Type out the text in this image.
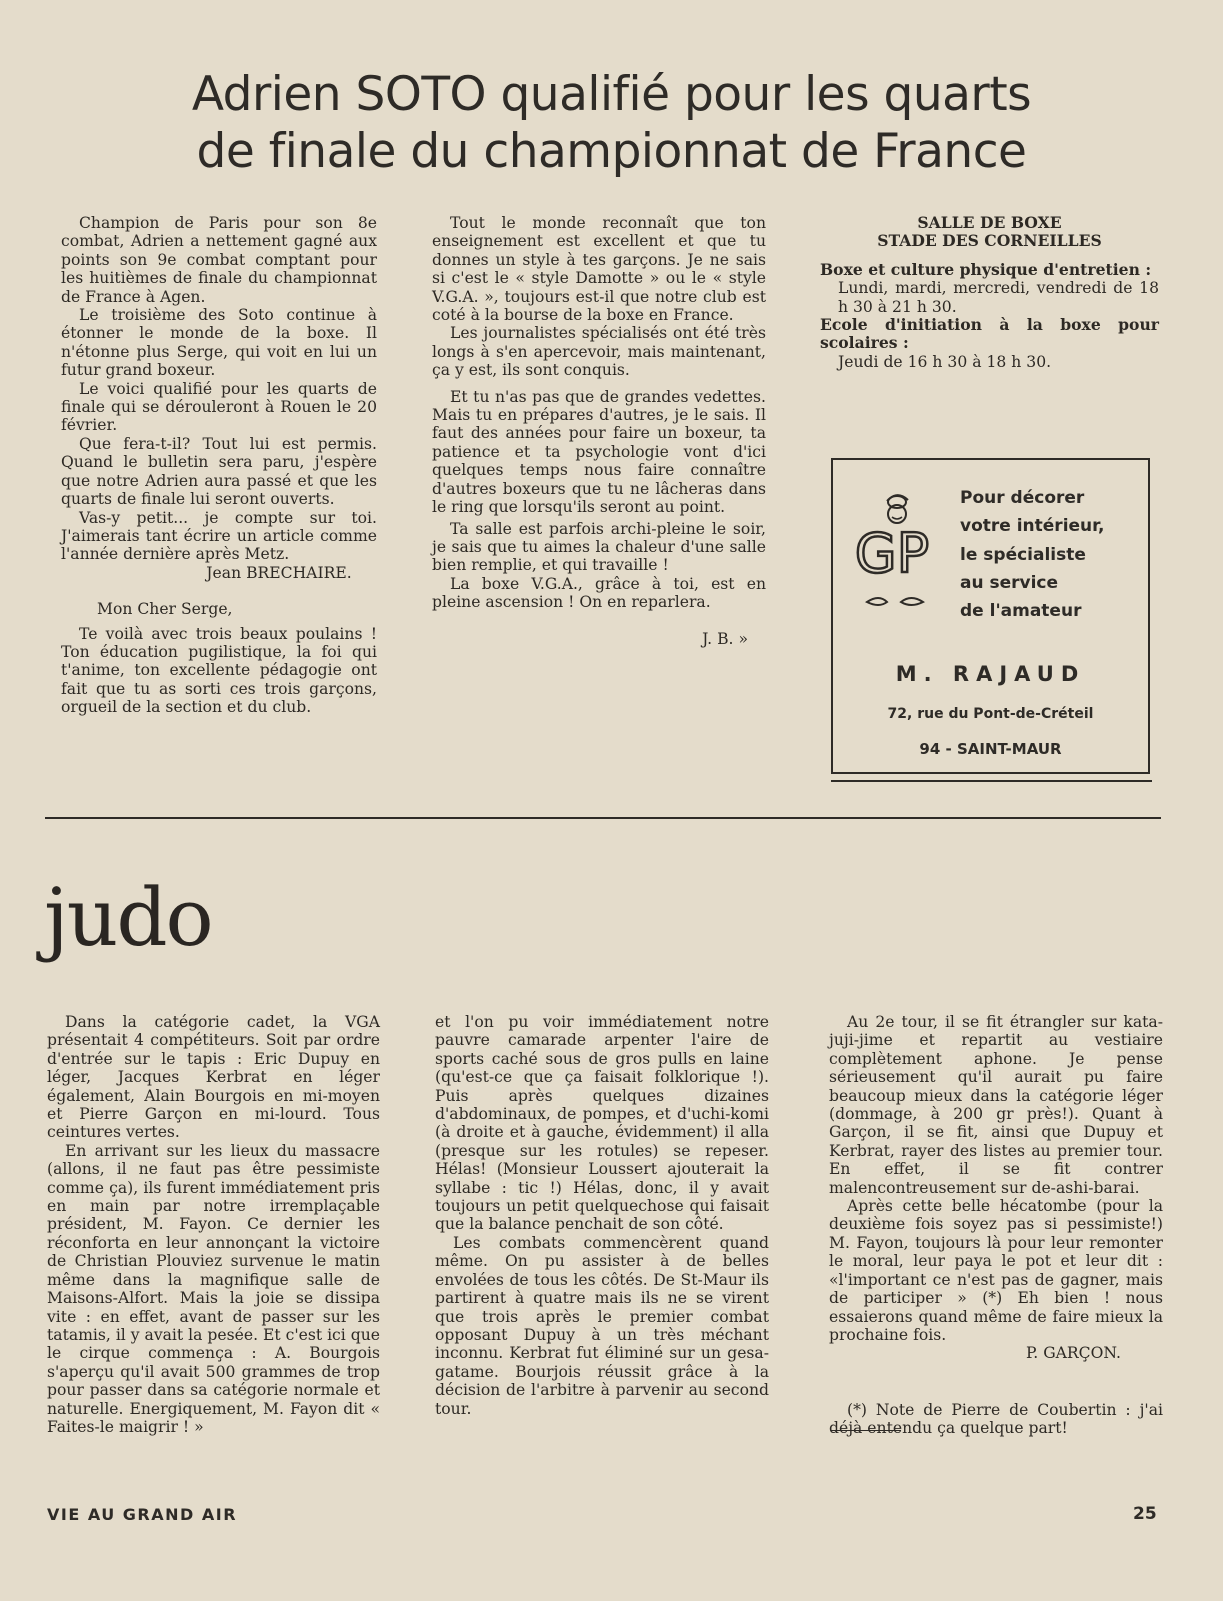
Adrien SOTO qualifié pour les quarts
de finale du championnat de France

Champion de Paris pour son 8e combat, Adrien a nettement gagné aux points son 9e combat comptant pour les huitièmes de finale du championnat de France à Agen.

Le troisième des Soto continue à étonner le monde de la boxe. Il n'étonne plus Serge, qui voit en lui un futur grand boxeur.

Le voici qualifié pour les quarts de finale qui se dérouleront à Rouen le 20 février.

Que fera-t-il? Tout lui est permis. Quand le bulletin sera paru, j'espère que notre Adrien aura passé et que les quarts de finale lui seront ouverts.

Vas-y petit... je compte sur toi. J'aimerais tant écrire un article comme l'année dernière après Metz.

Jean BRECHAIRE.

Mon Cher Serge,

Te voilà avec trois beaux poulains ! Ton éducation pugilistique, la foi qui t'anime, ton excellente pédagogie ont fait que tu as sorti ces trois garçons, orgueil de la section et du club.

Tout le monde reconnaît que ton enseignement est excellent et que tu donnes un style à tes garçons. Je ne sais si c'est le « style Damotte » ou le « style V.G.A. », toujours est-il que notre club est coté à la bourse de la boxe en France.

Les journalistes spécialisés ont été très longs à s'en apercevoir, mais maintenant, ça y est, ils sont conquis.

Et tu n'as pas que de grandes vedettes. Mais tu en prépares d'autres, je le sais. Il faut des années pour faire un boxeur, ta patience et ta psychologie vont d'ici quelques temps nous faire connaître d'autres boxeurs que tu ne lâcheras dans le ring que lorsqu'ils seront au point.

Ta salle est parfois archi-pleine le soir, je sais que tu aimes la chaleur d'une salle bien remplie, et qui travaille !

La boxe V.G.A., grâce à toi, est en pleine ascension ! On en reparlera.

J. B. »

SALLE DE BOXE
STADE DES CORNEILLES

Boxe et culture physique d'entretien :

Lundi, mardi, mercredi, vendredi de 18 h 30 à 21 h 30.

Ecole d'initiation à la boxe pour scolaires :

Jeudi de 16 h 30 à 18 h 30.

GP
Pour décorer
votre intérieur,
le spécialiste
au service
de l'amateur
M. RAJAUD
72, rue du Pont-de-Créteil
94 - SAINT-MAUR
judo

Dans la catégorie cadet, la VGA présentait 4 compétiteurs. Soit par ordre d'entrée sur le tapis : Eric Dupuy en léger, Jacques Kerbrat en léger également, Alain Bourgois en mi-moyen et Pierre Garçon en mi-lourd. Tous ceintures vertes.

En arrivant sur les lieux du massacre (allons, il ne faut pas être pessimiste comme ça), ils furent immédiatement pris en main par notre irremplaçable président, M. Fayon. Ce dernier les réconforta en leur annonçant la victoire de Christian Plouviez survenue le matin même dans la magnifique salle de Maisons-Alfort. Mais la joie se dissipa vite : en effet, avant de passer sur les tatamis, il y avait la pesée. Et c'est ici que le cirque commença : A. Bourgois s'aperçu qu'il avait 500 grammes de trop pour passer dans sa catégorie normale et naturelle. Energiquement, M. Fayon dit « Faites-le maigrir ! »

et l'on pu voir immédiatement notre pauvre camarade arpenter l'aire de sports caché sous de gros pulls en laine (qu'est-ce que ça faisait folklorique !). Puis après quelques dizaines d'abdominaux, de pompes, et d'uchi-komi (à droite et à gauche, évidemment) il alla (presque sur les rotules) se repeser. Hélas! (Monsieur Loussert ajouterait la syllabe : tic !) Hélas, donc, il y avait toujours un petit quelquechose qui faisait que la balance penchait de son côté.

Les combats commencèrent quand même. On pu assister à de belles envolées de tous les côtés. De St-Maur ils partirent à quatre mais ils ne se virent que trois après le premier combat opposant Dupuy à un très méchant inconnu. Kerbrat fut éliminé sur un gesa-gatame. Bourjois réussit grâce à la décision de l'arbitre à parvenir au second tour.

Au 2e tour, il se fit étrangler sur kata-juji-jime et repartit au vestiaire complètement aphone. Je pense sérieusement qu'il aurait pu faire beaucoup mieux dans la catégorie léger (dommage, à 200 gr près!). Quant à Garçon, il se fit, ainsi que Dupuy et Kerbrat, rayer des listes au premier tour. En effet, il se fit contrer malencontreusement sur de-ashi-barai.

Après cette belle hécatombe (pour la deuxième fois soyez pas si pessimiste!) M. Fayon, toujours là pour leur remonter le moral, leur paya le pot et leur dit : «l'important ce n'est pas de gagner, mais de participer » (*) Eh bien ! nous essaierons quand même de faire mieux la prochaine fois.

P. GARÇON.

(*) Note de Pierre de Coubertin : j'ai déjà entendu ça quelque part!

VIE AU GRAND AIR	25
